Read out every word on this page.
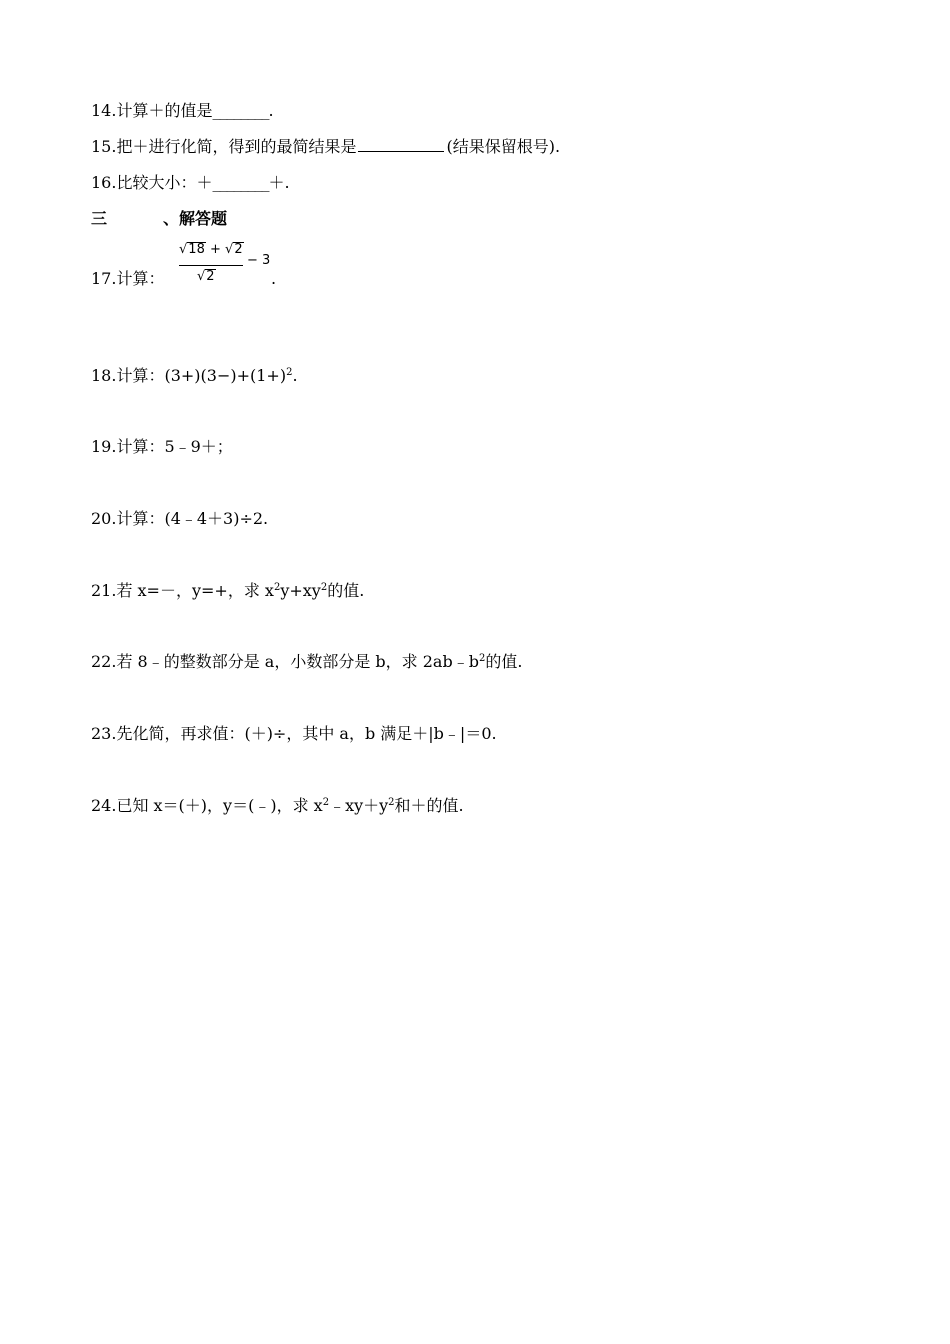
14.计算＋的值是________.
15.把＋进行化简，得到的最简结果是	(结果保留根号).
16.比较大小：＋________＋.
三	、解答题
17.计算：
√18 + √2
√2
− 3
.
18.计算：$(3+)(3-)+(1+)^2$.
19.计算：5﹣9＋；
20.计算：(4﹣4＋3)÷2.
21.若 x=－，y=+，求 $x^2y+xy^2$的值.
22.若 8﹣的整数部分是 a，小数部分是 b，求 $2ab﹣b^2$的值.
23.先化简，再求值：(＋)÷，其中 a，b 满足＋|b﹣|＝0.
24.已知 x＝(＋)，y＝(﹣)，求 $x^2﹣xy+y^2$和＋的值.
